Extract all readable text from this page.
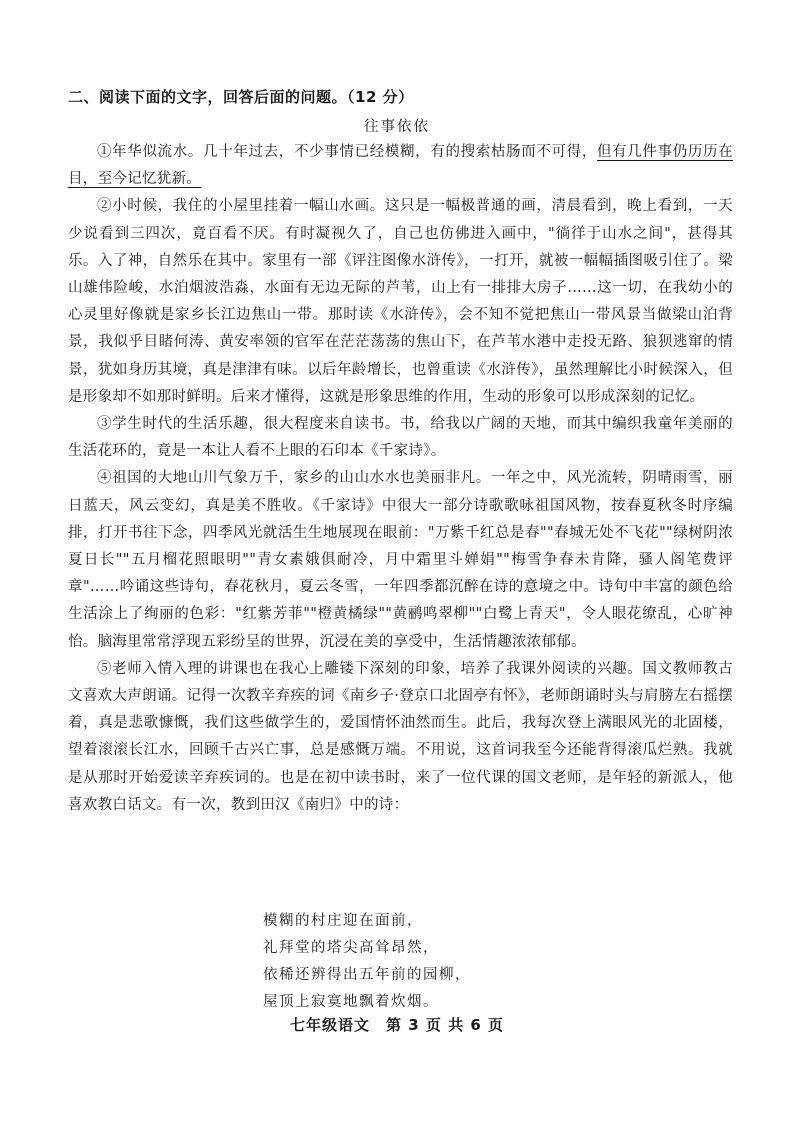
二、阅读下面的文字，回答后面的问题。（12 分）
往事依依

①年华似流水。几十年过去，不少事情已经模糊，有的搜索枯肠而不可得，但有几件事仍历历在目，至今记忆犹新。

②小时候，我住的小屋里挂着一幅山水画。这只是一幅极普通的画，清晨看到，晚上看到，一天少说看到三四次，竟百看不厌。有时凝视久了，自己也仿佛进入画中，"徜徉于山水之间"，甚得其乐。入了神，自然乐在其中。家里有一部《评注图像水浒传》，一打开，就被一幅幅插图吸引住了。梁山雄伟险峻，水泊烟波浩淼，水面有无边无际的芦苇，山上有一排排大房子……这一切，在我幼小的心灵里好像就是家乡长江边焦山一带。那时读《水浒传》，会不知不觉把焦山一带风景当做梁山泊背景，我似乎目睹何涛、黄安率领的官军在茫茫荡荡的焦山下，在芦苇水港中走投无路、狼狈逃窜的情景，犹如身历其境，真是津津有味。以后年龄增长，也曾重读《水浒传》，虽然理解比小时候深入，但是形象却不如那时鲜明。后来才懂得，这就是形象思维的作用，生动的形象可以形成深刻的记忆。

③学生时代的生活乐趣，很大程度来自读书。书，给我以广阔的天地，而其中编织我童年美丽的生活花环的，竟是一本让人看不上眼的石印本《千家诗》。

④祖国的大地山川气象万千，家乡的山山水水也美丽非凡。一年之中，风光流转，阴晴雨雪，丽日蓝天，风云变幻，真是美不胜收。《千家诗》中很大一部分诗歌歌咏祖国风物，按春夏秋冬时序编排，打开书往下念，四季风光就活生生地展现在眼前："万紫千红总是春""春城无处不飞花""绿树阴浓夏日长""五月榴花照眼明""青女素娥俱耐冷，月中霜里斗婵娟""梅雪争春未肯降，骚人阁笔费评章"……吟诵这些诗句，春花秋月，夏云冬雪，一年四季都沉醉在诗的意境之中。诗句中丰富的颜色给生活涂上了绚丽的色彩："红紫芳菲""橙黄橘绿""黄鹂鸣翠柳""白鹭上青天"，令人眼花缭乱，心旷神怡。脑海里常常浮现五彩纷呈的世界，沉浸在美的享受中，生活情趣浓浓郁郁。

⑤老师入情入理的讲课也在我心上雕镂下深刻的印象，培养了我课外阅读的兴趣。国文教师教古文喜欢大声朗诵。记得一次教辛弃疾的词《南乡子·登京口北固亭有怀》，老师朗诵时头与肩膀左右摇摆着，真是悲歌慷慨，我们这些做学生的，爱国情怀油然而生。此后，我每次登上满眼风光的北固楼，望着滚滚长江水，回顾千古兴亡事，总是感慨万端。不用说，这首词我至今还能背得滚瓜烂熟。我就是从那时开始爱读辛弃疾词的。也是在初中读书时，来了一位代课的国文老师，是年轻的新派人，他喜欢教白话文。有一次，教到田汉《南归》中的诗：

模糊的村庄迎在面前，
礼拜堂的塔尖高耸昂然，
依稀还辨得出五年前的园柳，
屋顶上寂寞地飘着炊烟。
七年级语文　第 3 页 共 6 页
